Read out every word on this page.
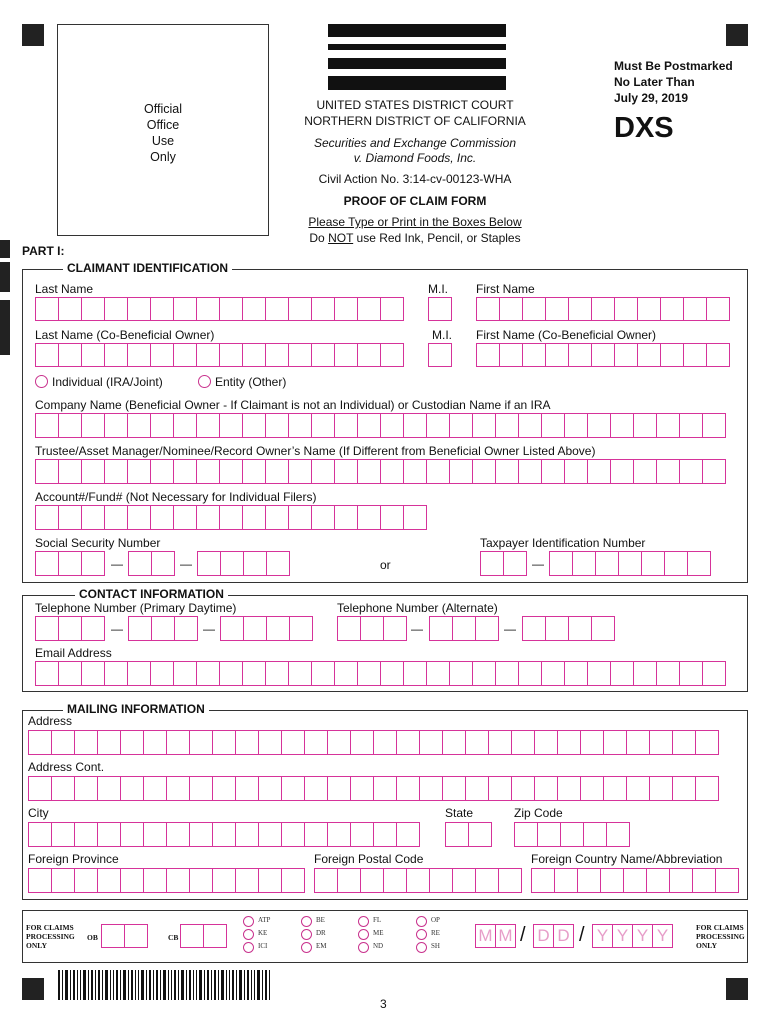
Official
Office
Use
Only
UNITED STATES DISTRICT COURT
NORTHERN DISTRICT OF CALIFORNIA
Securities and Exchange Commission
v. Diamond Foods, Inc.
Civil Action No. 3:14-cv-00123-WHA
PROOF OF CLAIM FORM
Please Type or Print in the Boxes Below
Do NOT use Red Ink, Pencil, or Staples
Must Be Postmarked
No Later Than
July 29, 2019
DXS
PART I:
CLAIMANT IDENTIFICATION
Last Name	M.I. First Name
Last Name (Co-Beneficial Owner)	M.I. First Name (Co-Beneficial Owner)
Individual (IRA/Joint)	Entity (Other)
Company Name (Beneficial Owner - If Claimant is not an Individual) or Custodian Name if an IRA
Trustee/Asset Manager/Nominee/Record Owner’s Name (If Different from Beneficial Owner Listed Above)
Account#/Fund# (Not Necessary for Individual Filers)
Social Security Number	Taxpayer Identification Number
—	—	or	—
CONTACT INFORMATION
Telephone Number (Primary Daytime)	Telephone Number (Alternate)
—	—	—	—
Email Address
MAILING INFORMATION
Address
Address Cont.
City	State	Zip Code
Foreign Province	Foreign Postal Code	Foreign Country Name/Abbreviation
FOR CLAIMS
PROCESSING
ONLY
OB	CB
ATP
KE
ICI
BE
DR
EM
FL
ME
ND
OP
RE
SH
M M / D D / Y Y Y Y	FOR CLAIMS
PROCESSING
ONLY
3
